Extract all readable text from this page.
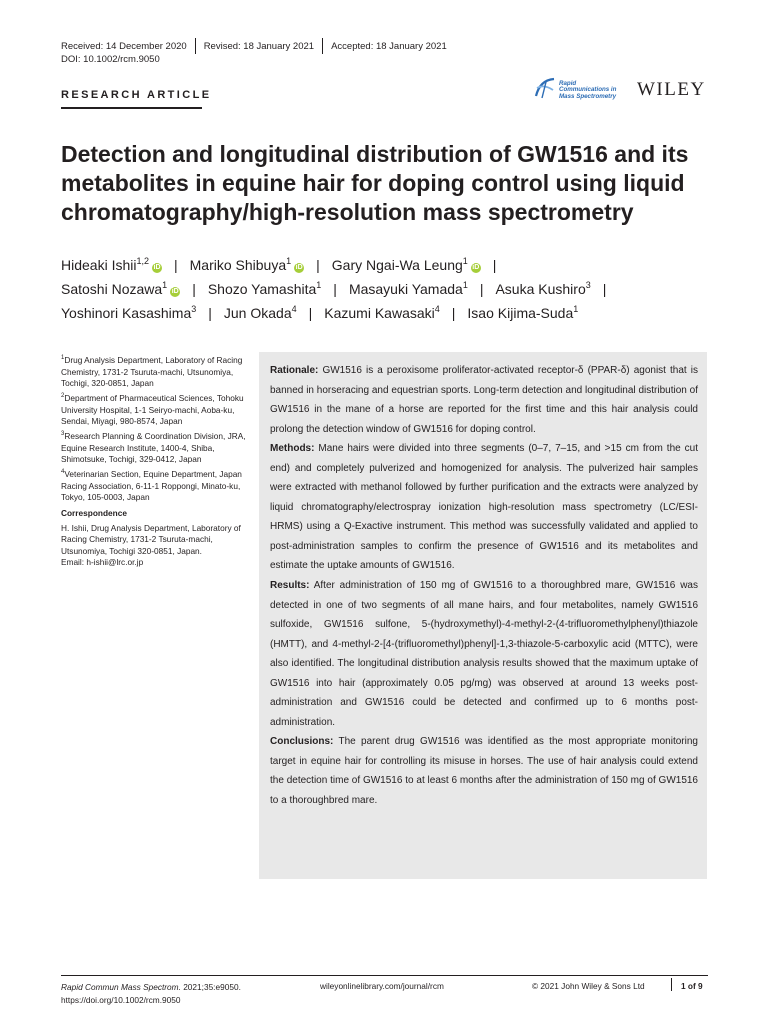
Received: 14 December 2020 Revised: 18 January 2021 Accepted: 18 January 2021
DOI: 10.1002/rcm.9050
RESEARCH ARTICLE
Rapid
Communications in
Mass Spectrometry	WILEY
Detection and longitudinal distribution of GW1516 and its metabolites in equine hair for doping control using liquid chromatography/high-resolution mass spectrometry
Hideaki Ishii$^{1,2}$iD | Mariko Shibuya$^1$iD | Gary Ngai-Wa Leung$^1$iD |
Satoshi Nozawa$^1$iD | Shozo Yamashita$^1$ | Masayuki Yamada$^1$ | Asuka Kushiro$^3$ |
Yoshinori Kasashima$^3$ | Jun Okada$^4$ | Kazumi Kawasaki$^4$ | Isao Kijima-Suda$^1$
$^1$Drug Analysis Department, Laboratory of Racing Chemistry, 1731-2 Tsuruta-machi, Utsunomiya, Tochigi, 320-0851, Japan
$^2$Department of Pharmaceutical Sciences, Tohoku University Hospital, 1-1 Seiryo-machi, Aoba-ku, Sendai, Miyagi, 980-8574, Japan
$^3$Research Planning & Coordination Division, JRA, Equine Research Institute, 1400-4, Shiba, Shimotsuke, Tochigi, 329-0412, Japan
$^4$Veterinarian Section, Equine Department, Japan Racing Association, 6-11-1 Roppongi, Minato-ku, Tokyo, 105-0003, Japan
Correspondence
H. Ishii, Drug Analysis Department, Laboratory of Racing Chemistry, 1731-2 Tsuruta-machi, Utsunomiya, Tochigi 320-0851, Japan.
Email: h-ishii@lrc.or.jp

Rationale: GW1516 is a peroxisome proliferator-activated receptor-δ (PPAR-δ) agonist that is banned in horseracing and equestrian sports. Long-term detection and longitudinal distribution of GW1516 in the mane of a horse are reported for the first time and this hair analysis could prolong the detection window of GW1516 for doping control.

Methods: Mane hairs were divided into three segments (0–7, 7–15, and >15 cm from the cut end) and completely pulverized and homogenized for analysis. The pulverized hair samples were extracted with methanol followed by further purification and the extracts were analyzed by liquid chromatography/electrospray ionization high-resolution mass spectrometry (LC/ESI-HRMS) using a Q-Exactive instrument. This method was successfully validated and applied to post-administration samples to confirm the presence of GW1516 and its metabolites and estimate the uptake amounts of GW1516.

Results: After administration of 150 mg of GW1516 to a thoroughbred mare, GW1516 was detected in one of two segments of all mane hairs, and four metabolites, namely GW1516 sulfoxide, GW1516 sulfone, 5-(hydroxymethyl)-4-methyl-2-(4-trifluoromethylphenyl)thiazole (HMTT), and 4-methyl-2-[4-(trifluoromethyl)phenyl]-1,3-thiazole-5-carboxylic acid (MTTC), were also identified. The longitudinal distribution analysis results showed that the maximum uptake of GW1516 into hair (approximately 0.05 pg/mg) was observed at around 13 weeks post-administration and GW1516 could be detected and confirmed up to 6 months post-administration.

Conclusions: The parent drug GW1516 was identified as the most appropriate monitoring target in equine hair for controlling its misuse in horses. The use of hair analysis could extend the detection time of GW1516 to at least 6 months after the administration of 150 mg of GW1516 to a thoroughbred mare.

Rapid Commun Mass Spectrom. 2021;35:e9050.
https://doi.org/10.1002/rcm.9050
wileyonlinelibrary.com/journal/rcm	© 2021 John Wiley & Sons Ltd	1 of 9
